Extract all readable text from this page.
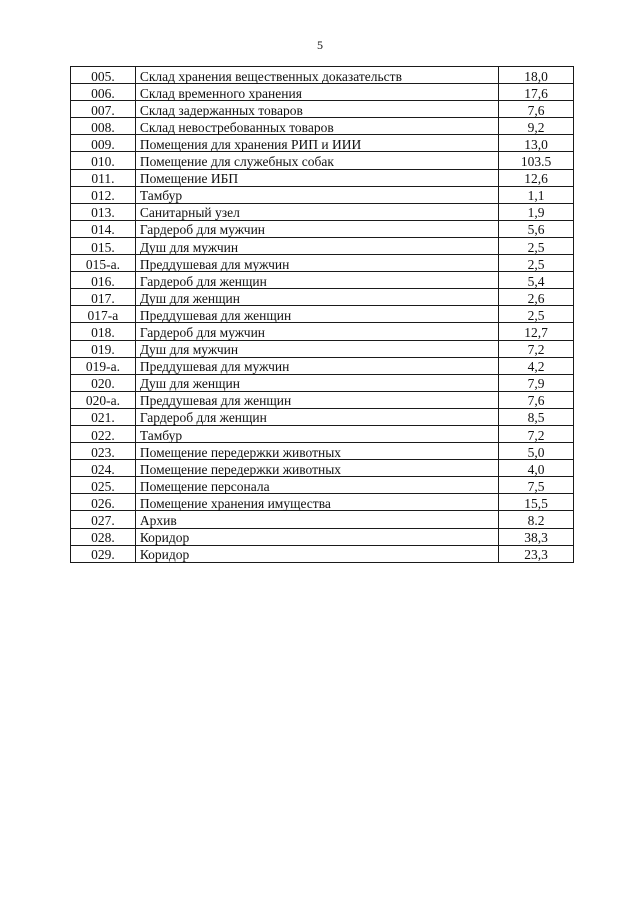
5
005.	Склад хранения вещественных доказательств	18,0
006.	Склад временного хранения	17,6
007.	Склад задержанных товаров	7,6
008.	Склад невостребованных товаров	9,2
009.	Помещения для хранения РИП и ИИИ	13,0
010.	Помещение для служебных собак	103.5
011.	Помещение ИБП	12,6
012.	Тамбур	1,1
013.	Санитарный узел	1,9
014.	Гардероб для мужчин	5,6
015.	Душ для мужчин	2,5
015-а.	Преддушевая для мужчин	2,5
016.	Гардероб для женщин	5,4
017.	Душ для женщин	2,6
017-а	Преддушевая для женщин	2,5
018.	Гардероб для мужчин	12,7
019.	Душ для мужчин	7,2
019-а.	Преддушевая для мужчин	4,2
020.	Душ для женщин	7,9
020-а.	Преддушевая для женщин	7,6
021.	Гардероб для женщин	8,5
022.	Тамбур	7,2
023.	Помещение передержки животных	5,0
024.	Помещение передержки животных	4,0
025.	Помещение персонала	7,5
026.	Помещение хранения имущества	15,5
027.	Архив	8.2
028.	Коридор	38,3
029.	Коридор	23,3
